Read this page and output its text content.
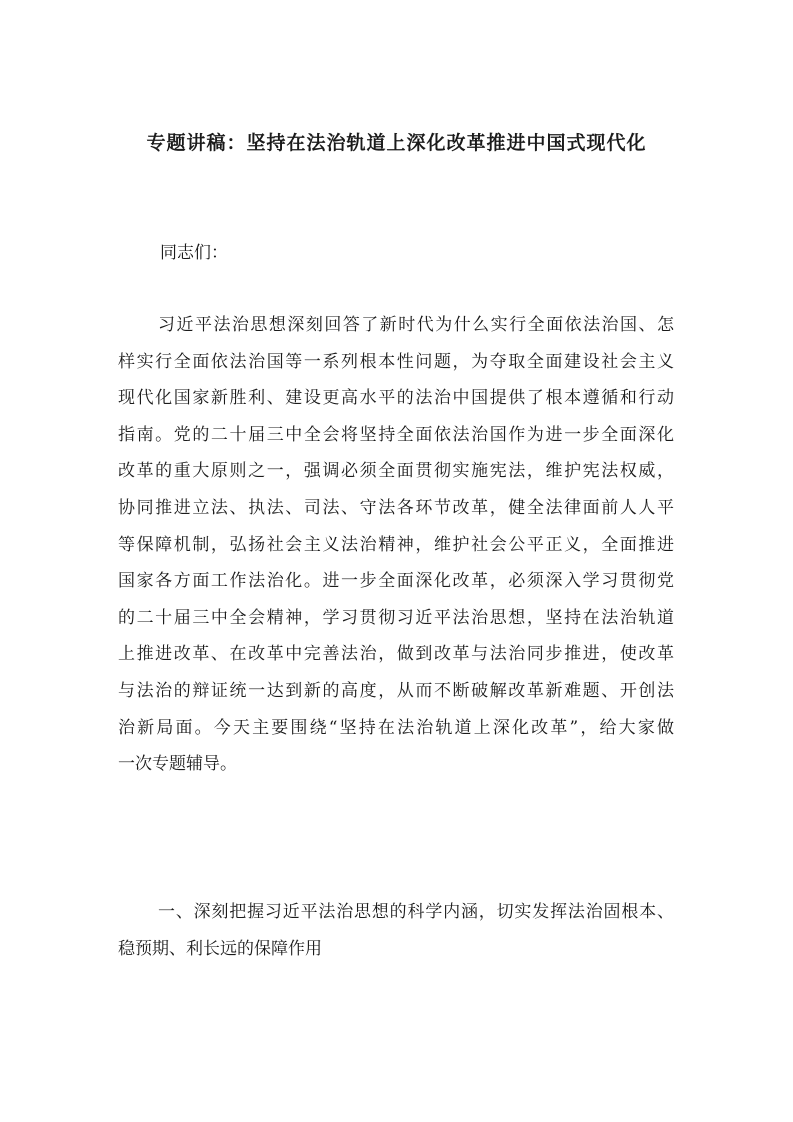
专题讲稿：坚持在法治轨道上深化改革推进中国式现代化

同志们：

习近平法治思想深刻回答了新时代为什么实行全面依法治国、怎
样实行全面依法治国等一系列根本性问题，为夺取全面建设社会主义
现代化国家新胜利、建设更高水平的法治中国提供了根本遵循和行动
指南。党的二十届三中全会将坚持全面依法治国作为进一步全面深化
改革的重大原则之一，强调必须全面贯彻实施宪法，维护宪法权威，
协同推进立法、执法、司法、守法各环节改革，健全法律面前人人平
等保障机制，弘扬社会主义法治精神，维护社会公平正义，全面推进
国家各方面工作法治化。进一步全面深化改革，必须深入学习贯彻党
的二十届三中全会精神，学习贯彻习近平法治思想，坚持在法治轨道
上推进改革、在改革中完善法治，做到改革与法治同步推进，使改革
与法治的辩证统一达到新的高度，从而不断破解改革新难题、开创法
治新局面。今天主要围绕“坚持在法治轨道上深化改革”，给大家做
一次专题辅导。

一、深刻把握习近平法治思想的科学内涵，切实发挥法治固根本、
稳预期、利长远的保障作用
